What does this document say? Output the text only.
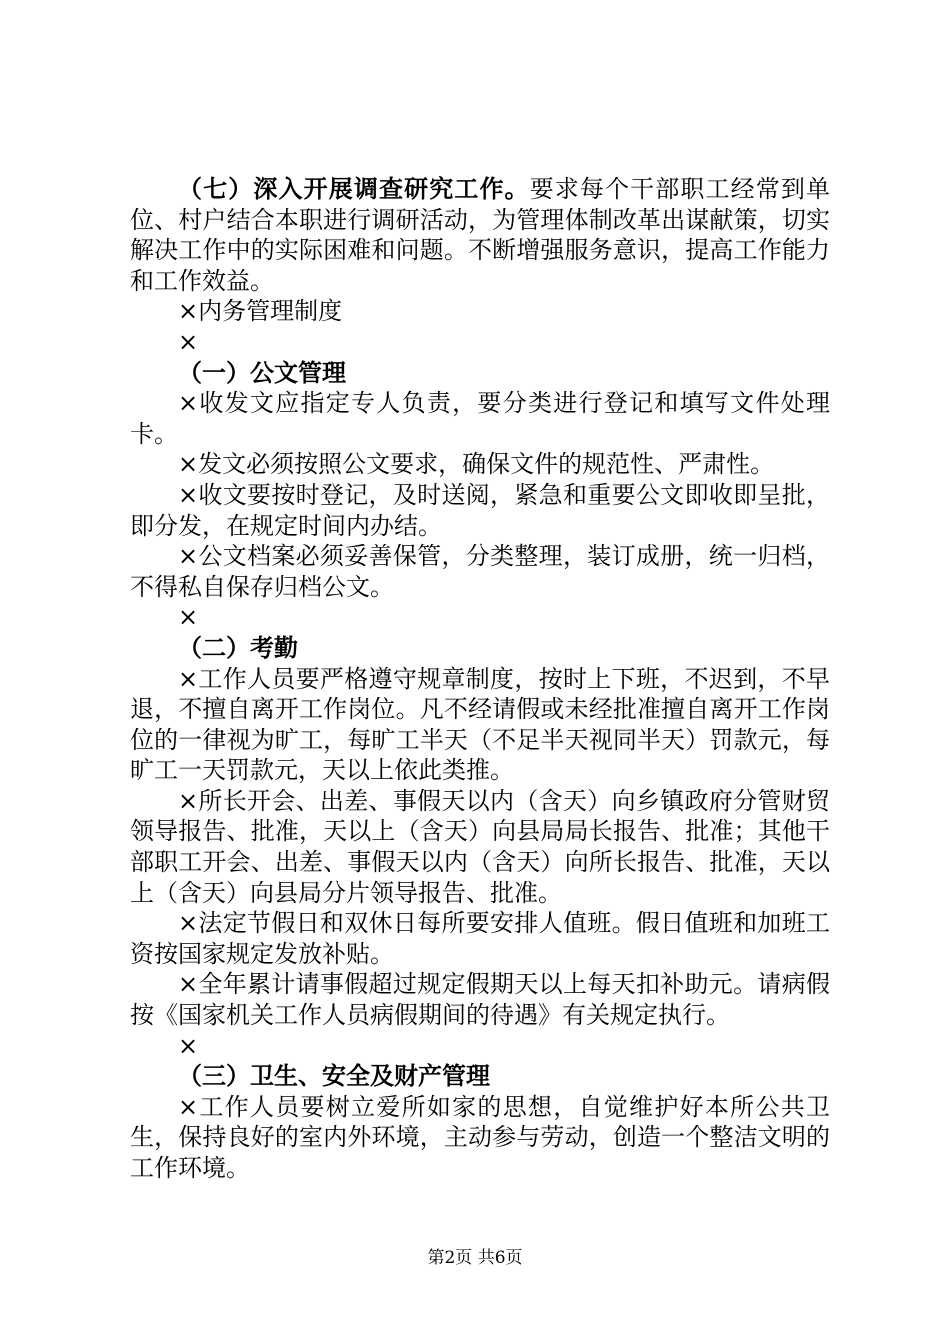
（七）深入开展调查研究工作。要求每个干部职工经常到单位、村户结合本职进行调研活动，为管理体制改革出谋献策，切实解决工作中的实际困难和问题。不断增强服务意识，提高工作能力和工作效益。

×内务管理制度

×

（一）公文管理

×收发文应指定专人负责，要分类进行登记和填写文件处理卡。

×发文必须按照公文要求，确保文件的规范性、严肃性。

×收文要按时登记，及时送阅，紧急和重要公文即收即呈批，即分发，在规定时间内办结。

×公文档案必须妥善保管，分类整理，装订成册，统一归档，不得私自保存归档公文。

×

（二）考勤

×工作人员要严格遵守规章制度，按时上下班，不迟到，不早退，不擅自离开工作岗位。凡不经请假或未经批准擅自离开工作岗位的一律视为旷工，每旷工半天（不足半天视同半天）罚款元，每旷工一天罚款元，天以上依此类推。

×所长开会、出差、事假天以内（含天）向乡镇政府分管财贸领导报告、批准，天以上（含天）向县局局长报告、批准；其他干部职工开会、出差、事假天以内（含天）向所长报告、批准，天以上（含天）向县局分片领导报告、批准。

×法定节假日和双休日每所要安排人值班。假日值班和加班工资按国家规定发放补贴。

×全年累计请事假超过规定假期天以上每天扣补助元。请病假按《国家机关工作人员病假期间的待遇》有关规定执行。

×

（三）卫生、安全及财产管理

×工作人员要树立爱所如家的思想，自觉维护好本所公共卫生，保持良好的室内外环境，主动参与劳动，创造一个整洁文明的工作环境。

第2页 共6页
